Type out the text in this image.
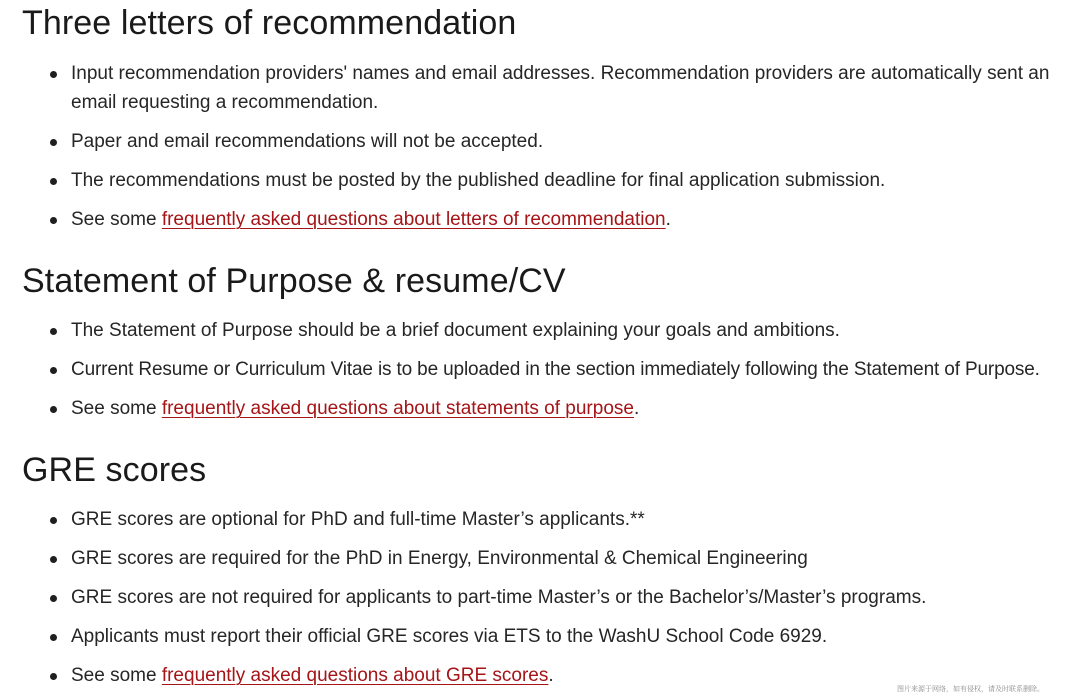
Three letters of recommendation
Input recommendation providers' names and email addresses. Recommendation providers are automatically sent an email requesting a recommendation.
Paper and email recommendations will not be accepted.
The recommendations must be posted by the published deadline for final application submission.
See some frequently asked questions about letters of recommendation.
Statement of Purpose & resume/CV
The Statement of Purpose should be a brief document explaining your goals and ambitions.
Current Resume or Curriculum Vitae is to be uploaded in the section immediately following the Statement of Purpose.
See some frequently asked questions about statements of purpose.
GRE scores
GRE scores are optional for PhD and full-time Master’s applicants.**
GRE scores are required for the PhD in Energy, Environmental & Chemical Engineering
GRE scores are not required for applicants to part-time Master’s or the Bachelor’s/Master’s programs.
Applicants must report their official GRE scores via ETS to the WashU School Code 6929.
See some frequently asked questions about GRE scores.
图片来源于网络，如有侵权，请及时联系删除。
